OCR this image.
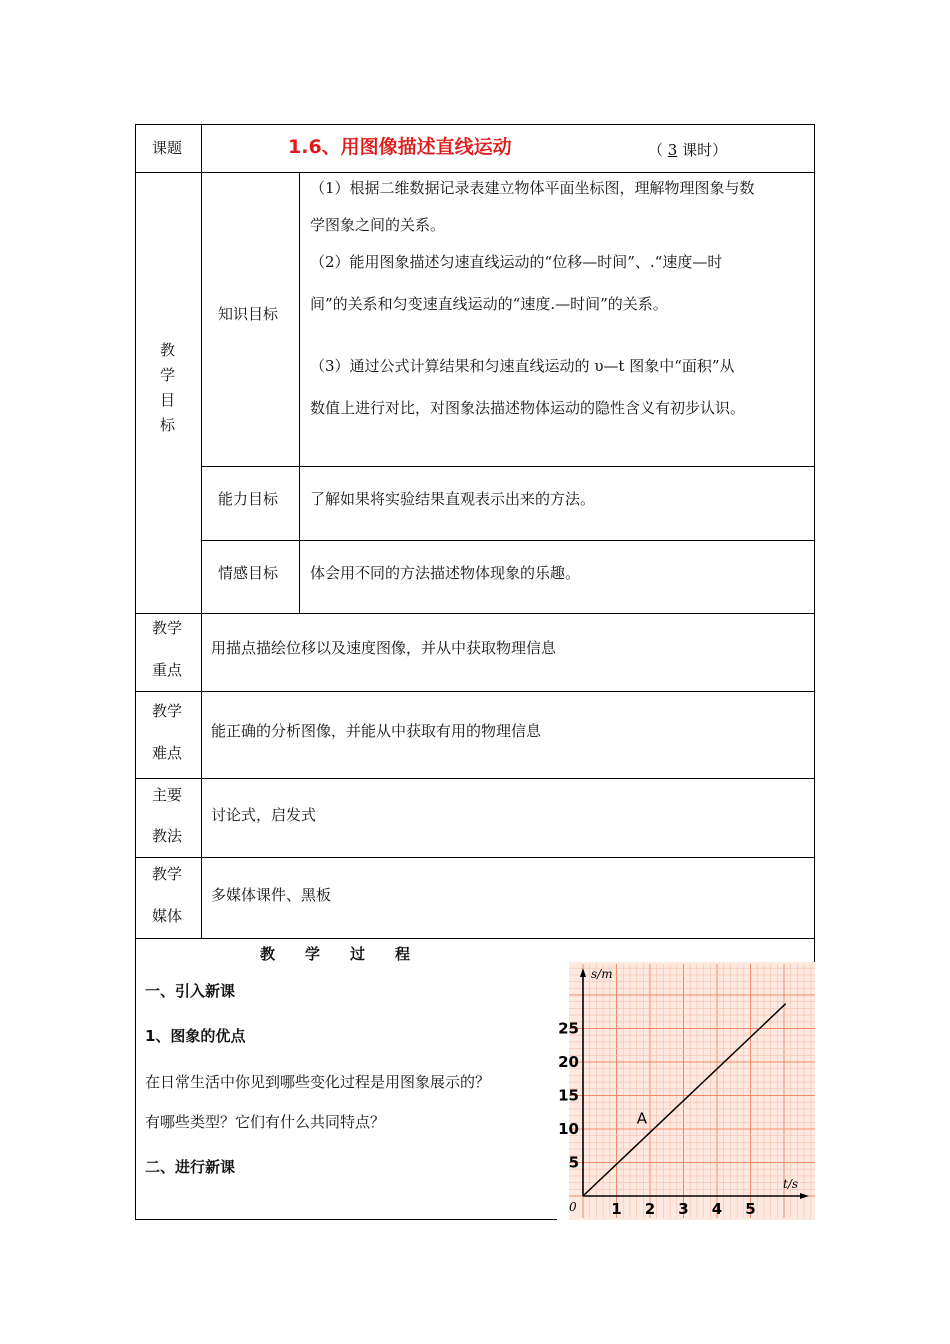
课题	1.6、用图像描述直线运动	（ 3 课时）
教
学
目
标
知识目标
（1）根据二维数据记录表建立物体平面坐标图，理解物理图象与数
学图象之间的关系。
（2）能用图象描述匀速直线运动的“位移—时间”、.“速度—时
间”的关系和匀变速直线运动的“速度.—时间”的关系。
（3）通过公式计算结果和匀速直线运动的 υ—t 图象中“面积”从
数值上进行对比，对图象法描述物体运动的隐性含义有初步认识。
能力目标 了解如果将实验结果直观表示出来的方法。
情感目标 体会用不同的方法描述物体现象的乐趣。
教学
重点
用描点描绘位移以及速度图像，并从中获取物理信息
教学
难点
能正确的分析图像，并能从中获取有用的物理信息
主要
教法
讨论式，启发式
教学
媒体
多媒体课件、黑板
教　　学　　过　　程
一、引入新课
1、图象的优点
在日常生活中你见到哪些变化过程是用图象展示的？
有哪些类型？它们有什么共同特点？
二、进行新课
s/m
t/s
0 1 2 3 4 5
5
10
15
20
25
A
